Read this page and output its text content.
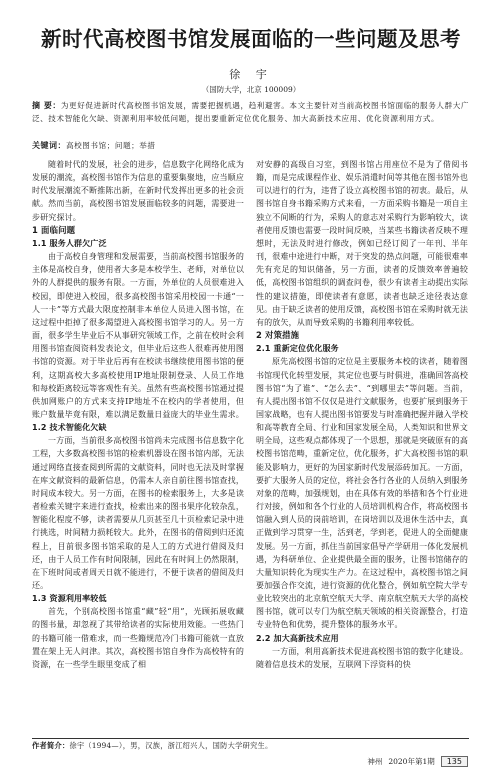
新时代高校图书馆发展面临的一些问题及思考
徐 宇
（国防大学，北京 100009）
摘 要：为更好促进新时代高校图书馆发展，需要把握机遇，趋利避害。本文主要针对当前高校图书馆面临的服务人群大广泛、技术智能化欠缺、资源利用率较低问题，提出要重新定位优化服务、加大高新技术应用、优化资源利用方式。
关键词：高校图书馆；问题；举措

随着时代的发展，社会的进步，信息数字化网络化成为发展的潮流，高校图书馆作为信息的重要集聚地，应当顺应时代发展潮流不断推陈出新，在新时代发挥出更多的社会贡献。然而当前，高校图书馆发展面临较多的问题，需要进一步研究探讨。

1 面临问题
1.1 服务人群欠广泛

由于高校自身管理和发展需要，当前高校图书馆服务的主体是高校自身，使用者大多是本校学生、老师，对单位以外的人群提供的服务有限。一方面，外单位的人员很难进入校园，即使进入校园，很多高校图书馆采用校园一卡通“一人一卡”等方式最大限度控制非本单位人员进入图书馆，在这过程中拒掉了很多渴望进入高校图书馆学习的人。另一方面，很多学生毕业后不从事研究领域工作，之前在校时会利用图书馆查阅资料发表论文，但毕业后这些人很难再使用图书馆的资源。对于毕业后再有在校读书继续使用图书馆的便利，这期高校大多高校使用IP地址限制登录、人员工作地和每校距离较远等客观性有关。虽然有些高校图书馆通过提供加网账户的方式来支持IP地址不在校内的学者使用，但账户数量毕竟有限，难以满足数量日益庞大的毕业生需求。

1.2 技术智能化欠缺

一方面，当前很多高校图书馆尚未完成图书信息数字化工程，大多数高校图书馆的检索机器设在图书馆内部，无法通过网络直接查阅到所需的文献资料，同时也无法及时掌握在库文献资料的最新信息，仍需本人亲自前往图书馆查找，时间成本较大。另一方面，在图书的检索服务上，大多是读者检索关键字来进行查找，检索出来的图书果序化较杂乱，智能化程度不够，读者需要从几页甚至几十页检索记录中进行挑选，时间精力损耗较大。此外，在图书的借阅到归还流程上，目前很多图书馆采取的是人工的方式进行借阅及归还，由于人员工作有时间限制，因此在有时间上仍然限制，在下班时间或者周天日就不能进行，不便于读者的借阅及归还。

1.3 资源利用率较低

首先，个别高校图书馆重“藏”轻“用”，光顾拓展收藏的图书量，却忽视了其带给读者的实际使用效能。一些热门的书籍可能一借难求，而一些籍规范冷门书籍可能就一直放置在架上无人问津。其次，高校图书馆自身作为高校特有的资源，在一些学生眼里变成了相

对安静的高级自习室，到图书馆占用座位不是为了借阅书籍，而是完成课程作业、娱乐消遣时间等其他在图书馆外也可以进行的行为，违背了设立高校图书馆的初衷。最后，从图书馆自身书籍采购方式来看，一方面采购书籍是一项自主独立不间断的行为，采购人的意志对采购行为影响较大，读者使用反馈也需要一段时间反映，当某些书籍读者反映不理想时，无法及时进行修改，例如已经订阅了一年刊、半年刊，很难中途进行中断，对于突发的热点问题，可能很难率先有充足的知识储备，另一方面，读者的反馈效率普遍较低，高校图书馆组织的调查问卷，很少有读者主动提出实际性的建议措施，即使读者有意愿，读者也缺乏途径表达意见。由于缺乏读者的使用反馈，高校图书馆在采购时就无法有的放矢，从而导致采购的书籍利用率较低。

2 对策措施
2.1 重新定位优化服务

原先高校图书馆的定位是主要服务本校的读者，随着图书馆现代化转型发展，其定位也要与时俱进，准确回答高校图书馆“为了谁”、“怎么去”、“到哪里去”等问题。当前，有人提出图书馆不仅仅是进行文献服务，也要扩展到服务于国家战略，也有人提出图书馆要发与时准确把握并融入学校和高等教育全局、行业和国家发展全局，人类知识和世界文明全局，这些观点都体现了一个思想，那就是突破原有的高校图书馆范畴，重新定位，优化服务，扩大高校图书馆的职能及影响力，更好的为国家新时代发展添砖加瓦。一方面，要扩大服务人员的定位，将社会各行各业的人员纳入到服务对象的范畴，加强规划，由在具体有效的举措和各个行业进行对接，例如和各个行业的人员培训机构合作，将高校图书馆融入到人员的岗前培训，在岗培训以及退休生活中去，真正做到学习贯穿一生，活到老，学到老，促进人的全面健康发展。另一方面，抓住当前国家倡导产学研用一体化发展机遇，为科研单位、企业提供最全面的服务，让图书馆储存的大量知识转化为现实生产力。在这过程中，高校图书馆之间要加强合作交流，进行资源的优化整合，例如航空院大学专业比较突出的北京航空航天大学、南京航空航天大学的高校图书馆，就可以专门为航空航天领域的相关资源整合，打造专业特色和优势，提升整体的服务水平。

2.2 加大高新技术应用

一方面，利用高新技术促进高校图书馆的数字化建设。随着信息技术的发展，互联网下浮资料的快

作者简介：徐宇（1994—），男，汉族，浙江绍兴人，国防大学研究生。
神州 2020年第1期	135
